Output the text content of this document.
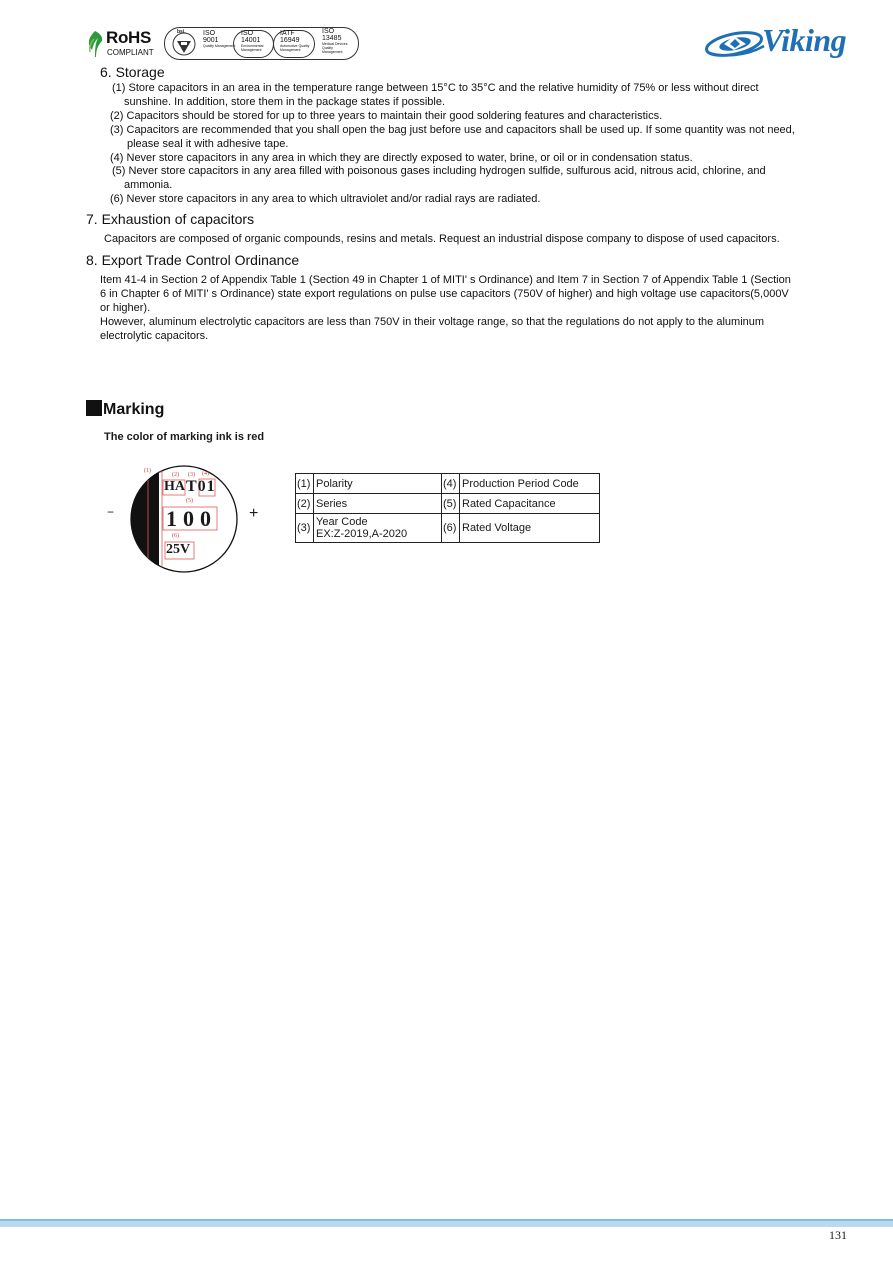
RoHS
COMPLIANT
bsi. ISO
9001
Quality Management
ISO
14001
Environmental Management
IATF
16949
Automotive Quality Management
ISO
13485
Medical Devices Quality Management	Viking
6. Storage
(1) Store capacitors in an area in the temperature range between 15°C to 35°C and the relative humidity of 75% or less without direct
sunshine. In addition, store them in the package states if possible.
(2) Capacitors should be stored for up to three years to maintain their good soldering features and characteristics.
(3) Capacitors are recommended that you shall open the bag just before use and capacitors shall be used up. If some quantity was not need,
please seal it with adhesive tape.
(4) Never store capacitors in any area in which they are directly exposed to water, brine, or oil or in condensation status.
(5) Never store capacitors in any area filled with poisonous gases including hydrogen sulfide, sulfurous acid, nitrous acid, chlorine, and
ammonia.
(6) Never store capacitors in any area to which ultraviolet and/or radial rays are radiated.
7. Exhaustion of capacitors
Capacitors are composed of organic compounds, resins and metals. Request an industrial dispose company to dispose of used capacitors.
8. Export Trade Control Ordinance
Item 41-4 in Section 2 of Appendix Table 1 (Section 49 in Chapter 1 of MITI' s Ordinance) and Item 7 in Section 7 of Appendix Table 1 (Section
6 in Chapter 6 of MITI' s Ordinance) state export regulations on pulse use capacitors (750V of higher) and high voltage use capacitors(5,000V
or higher).
However, aluminum electrolytic capacitors are less than 750V in their voltage range, so that the regulations do not apply to the aluminum
electrolytic capacitors.
Marking
The color of marking ink is red
−	+
(1)
(2) (3) (4)
(5)
(6)
HA T01
100
25V
(1)	Polarity	(4)	Production Period Code
(2)	Series	(5)	Rated Capacitance
(3)	Year Code
EX:Z-2019,A-2020	(6)	Rated Voltage
131
